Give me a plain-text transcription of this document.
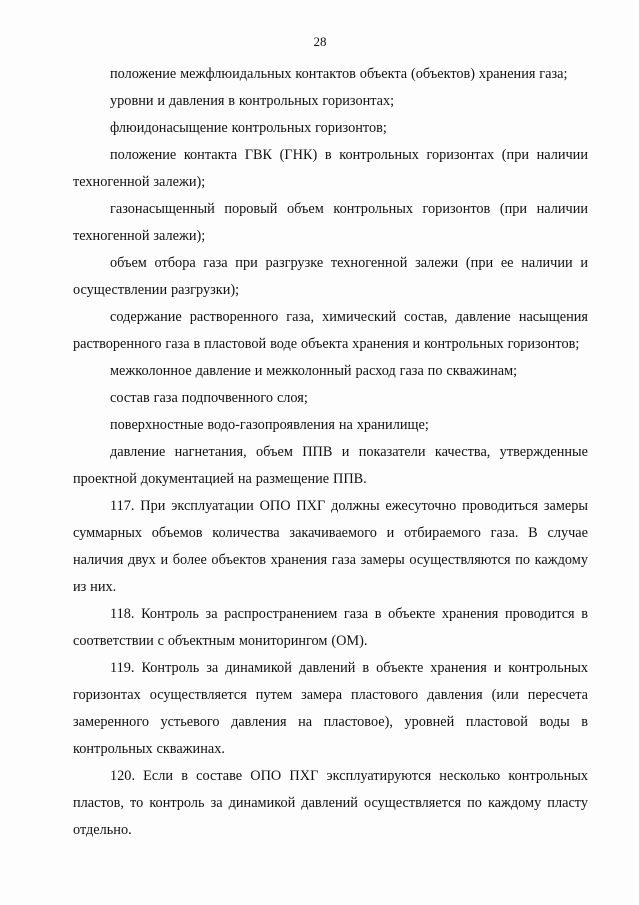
28

положение межфлюидальных контактов объекта (объектов) хранения газа;

уровни и давления в контрольных горизонтах;

флюидонасыщение контрольных горизонтов;

положение контакта ГВК (ГНК) в контрольных горизонтах (при наличии техногенной залежи);

газонасыщенный поровый объем контрольных горизонтов (при наличии техногенной залежи);

объем отбора газа при разгрузке техногенной залежи (при ее наличии и осуществлении разгрузки);

содержание растворенного газа, химический состав, давление насыщения растворенного газа в пластовой воде объекта хранения и контрольных горизонтов;

межколонное давление и межколонный расход газа по скважинам;

состав газа подпочвенного слоя;

поверхностные водо-газопроявления на хранилище;

давление нагнетания, объем ППВ и показатели качества, утвержденные проектной документацией на размещение ППВ.

117. При эксплуатации ОПО ПХГ должны ежесуточно проводиться замеры суммарных объемов количества закачиваемого и отбираемого газа. В случае наличия двух и более объектов хранения газа замеры осуществляются по каждому из них.

118. Контроль за распространением газа в объекте хранения проводится в соответствии с объектным мониторингом (ОМ).

119. Контроль за динамикой давлений в объекте хранения и контрольных горизонтах осуществляется путем замера пластового давления (или пересчета замеренного устьевого давления на пластовое), уровней пластовой воды в контрольных скважинах.

120. Если в составе ОПО ПХГ эксплуатируются несколько контрольных пластов, то контроль за динамикой давлений осуществляется по каждому пласту отдельно.
